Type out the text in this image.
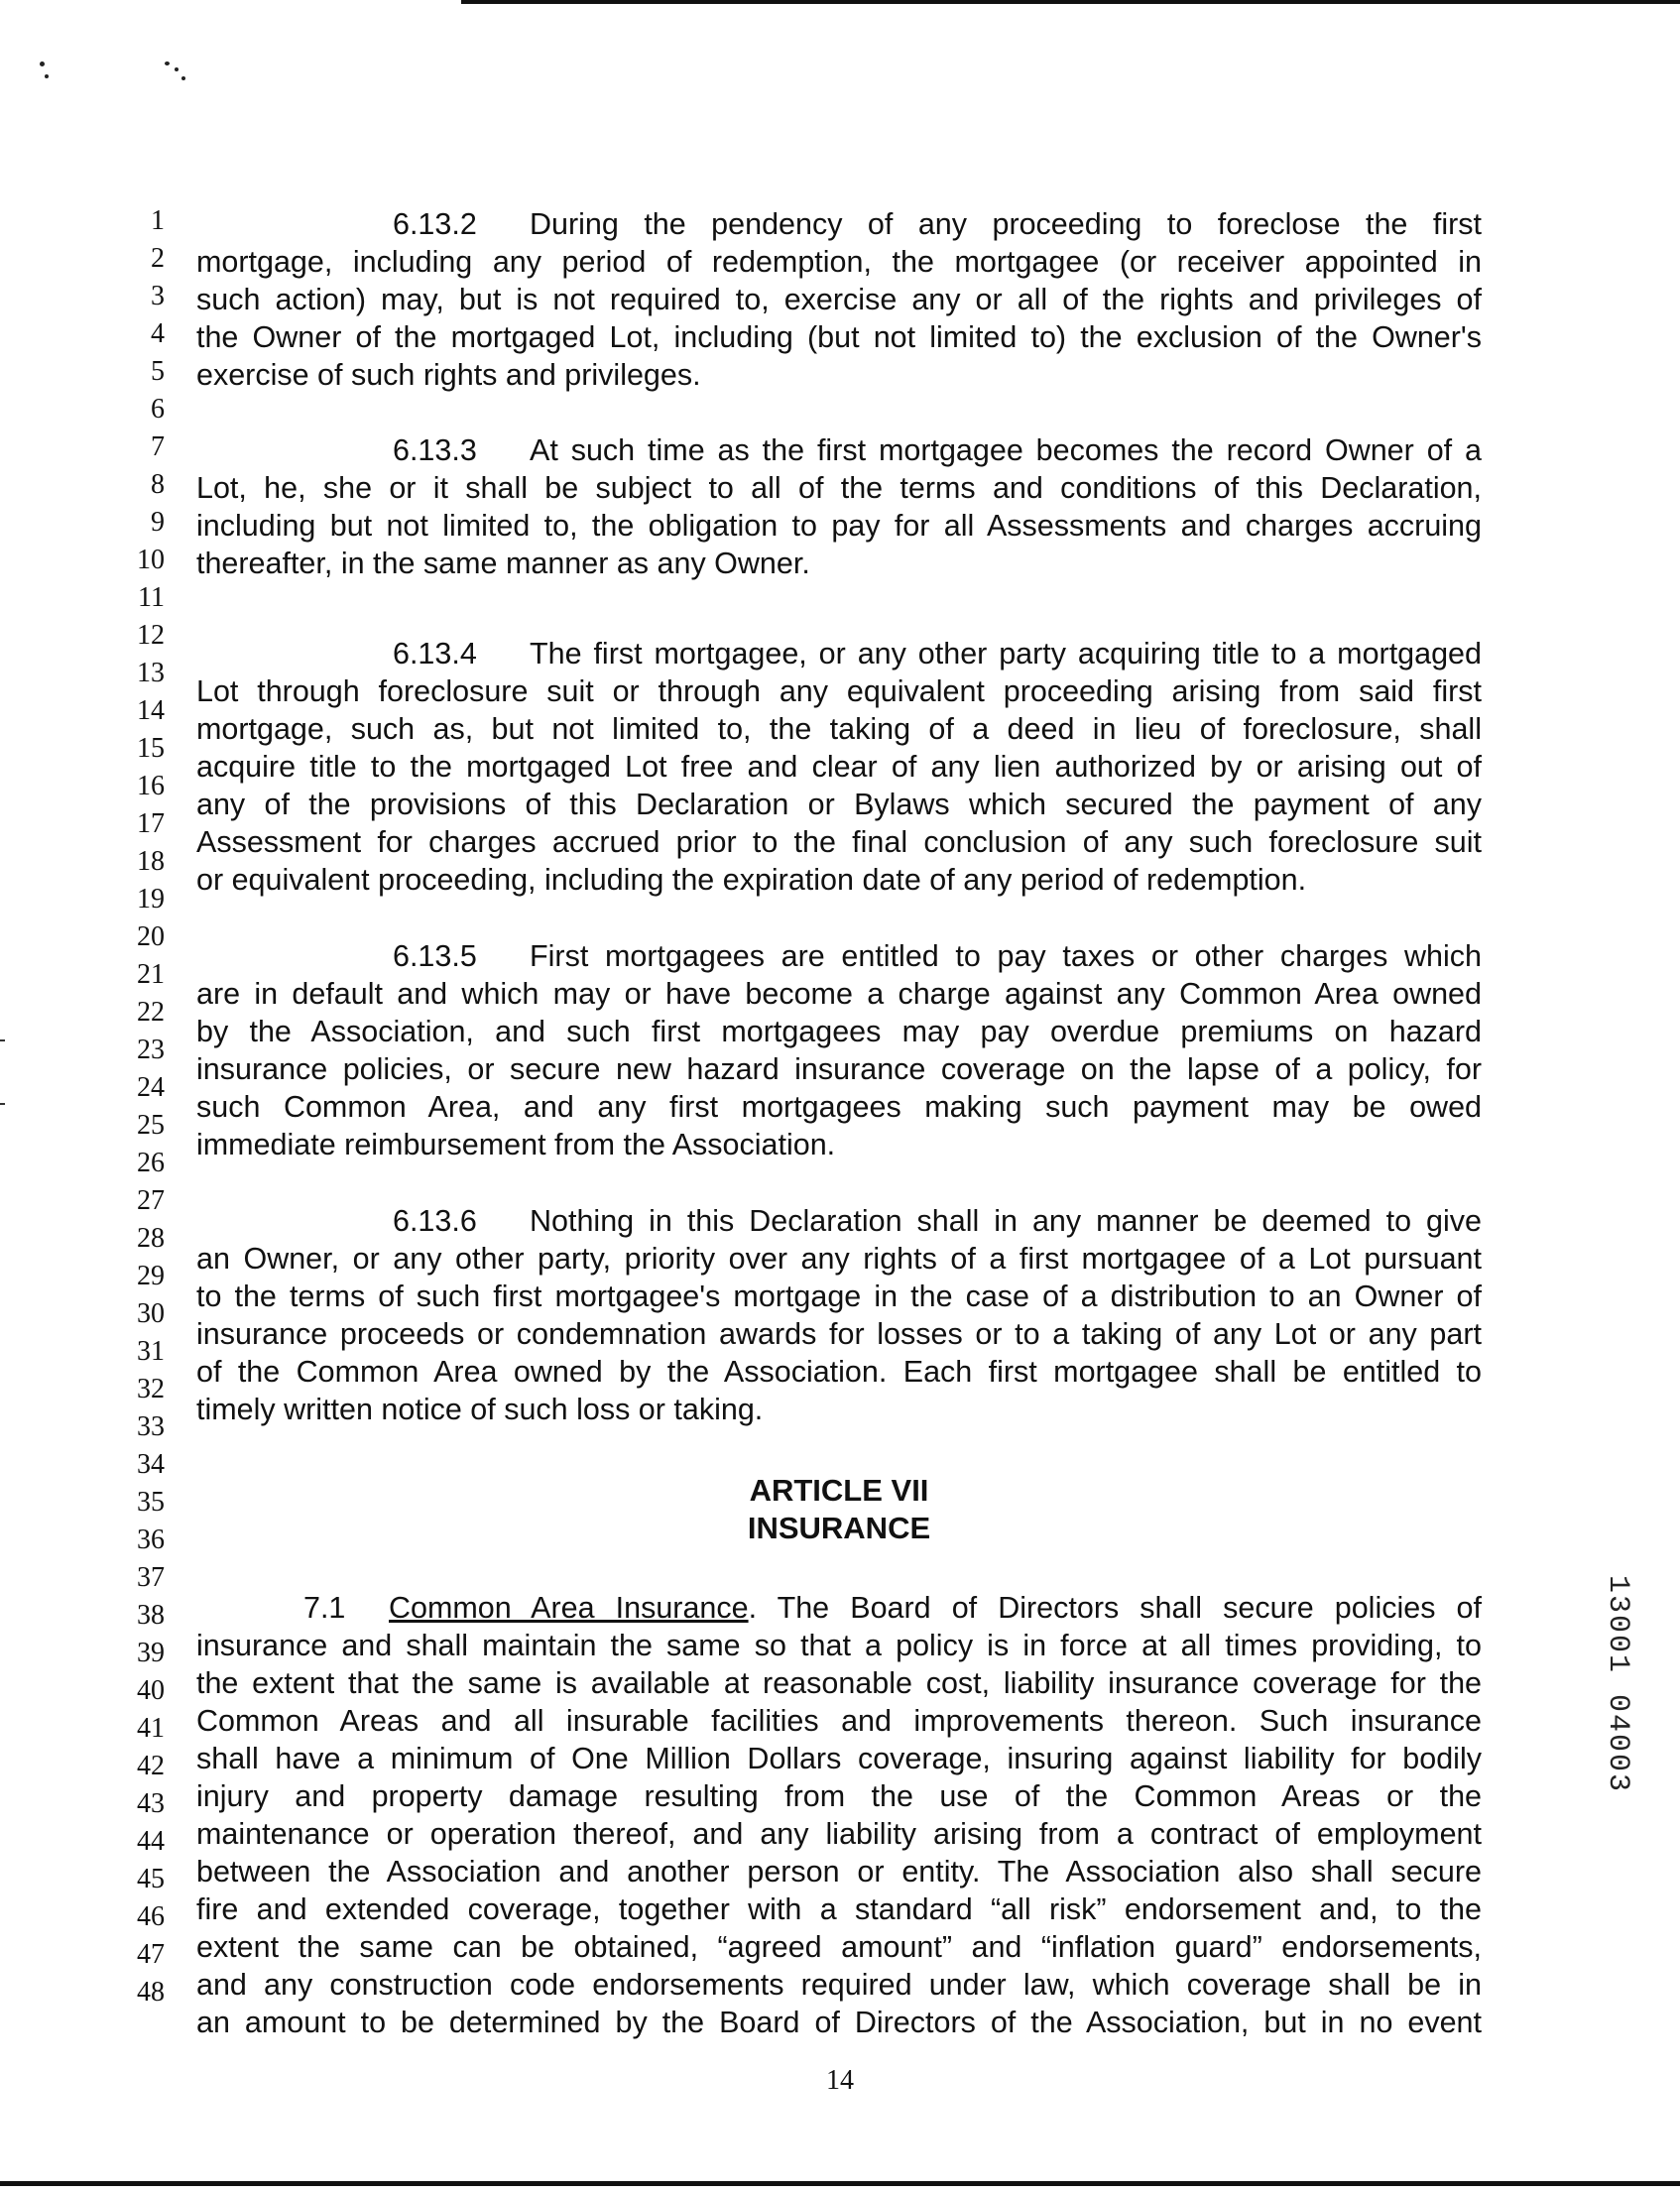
1
2
3
4
5
6
7
8
9
10
11
12
13
14
15
16
17
18
19
20
21
22
23
24
25
26
27
28
29
30
31
32
33
34
35
36
37
38
39
40
41
42
43
44
45
46
47
48
6.13.2 During the pendency of any proceeding to foreclose the first
mortgage, including any period of redemption, the mortgagee (or receiver appointed in
such action) may, but is not required to, exercise any or all of the rights and privileges of
the Owner of the mortgaged Lot, including (but not limited to) the exclusion of the Owner's
exercise of such rights and privileges.
6.13.3 At such time as the first mortgagee becomes the record Owner of a
Lot, he, she or it shall be subject to all of the terms and conditions of this Declaration,
including but not limited to, the obligation to pay for all Assessments and charges accruing
thereafter, in the same manner as any Owner.
6.13.4 The first mortgagee, or any other party acquiring title to a mortgaged
Lot through foreclosure suit or through any equivalent proceeding arising from said first
mortgage, such as, but not limited to, the taking of a deed in lieu of foreclosure, shall
acquire title to the mortgaged Lot free and clear of any lien authorized by or arising out of
any of the provisions of this Declaration or Bylaws which secured the payment of any
Assessment for charges accrued prior to the final conclusion of any such foreclosure suit
or equivalent proceeding, including the expiration date of any period of redemption.
6.13.5 First mortgagees are entitled to pay taxes or other charges which
are in default and which may or have become a charge against any Common Area owned
by the Association, and such first mortgagees may pay overdue premiums on hazard
insurance policies, or secure new hazard insurance coverage on the lapse of a policy, for
such Common Area, and any first mortgagees making such payment may be owed
immediate reimbursement from the Association.
6.13.6 Nothing in this Declaration shall in any manner be deemed to give
an Owner, or any other party, priority over any rights of a first mortgagee of a Lot pursuant
to the terms of such first mortgagee's mortgage in the case of a distribution to an Owner of
insurance proceeds or condemnation awards for losses or to a taking of any Lot or any part
of the Common Area owned by the Association. Each first mortgagee shall be entitled to
timely written notice of such loss or taking.
ARTICLE VII
INSURANCE
7.1 Common Area Insurance. The Board of Directors shall secure policies of
insurance and shall maintain the same so that a policy is in force at all times providing, to
the extent that the same is available at reasonable cost, liability insurance coverage for the
Common Areas and all insurable facilities and improvements thereon. Such insurance
shall have a minimum of One Million Dollars coverage, insuring against liability for bodily
injury and property damage resulting from the use of the Common Areas or the
maintenance or operation thereof, and any liability arising from a contract of employment
between the Association and another person or entity. The Association also shall secure
fire and extended coverage, together with a standard “all risk” endorsement and, to the
extent the same can be obtained, “agreed amount” and “inflation guard” endorsements,
and any construction code endorsements required under law, which coverage shall be in
an amount to be determined by the Board of Directors of the Association, but in no event
13001 04003
14
